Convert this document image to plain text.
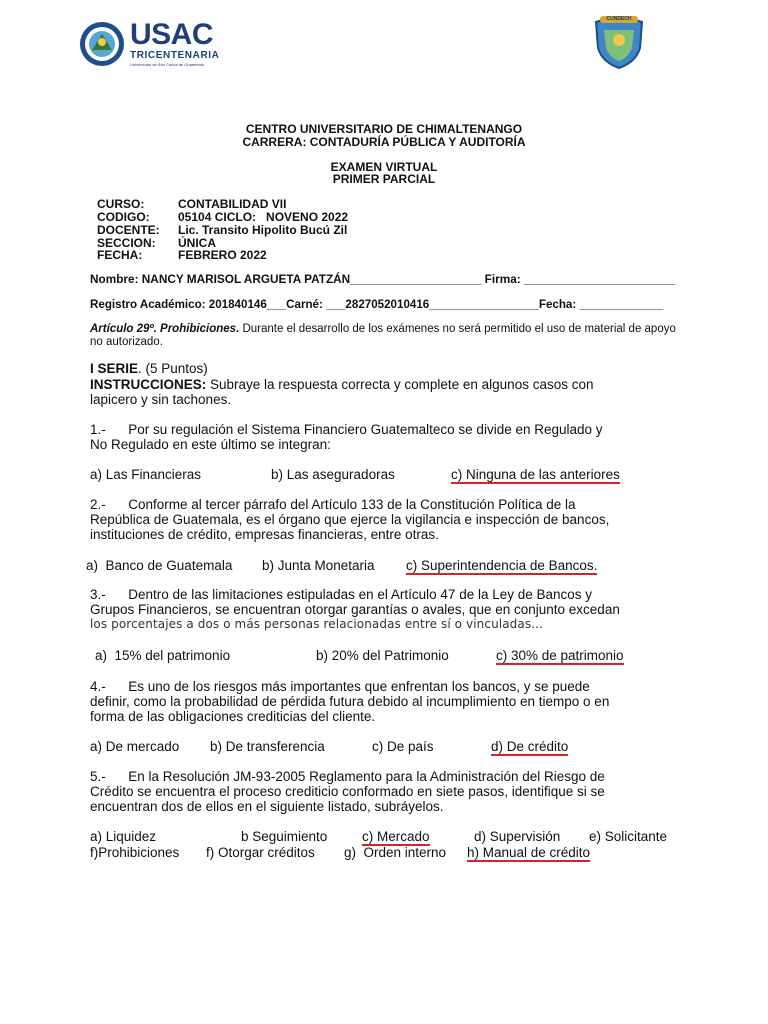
USAC
TRICENTENARIA
Universidad de San Carlos de Guatemala
CUNDECH
CENTRO UNIVERSITARIO DE CHIMALTENANGO
CARRERA: CONTADURÍA PÚBLICA Y AUDITORÍA
EXAMEN VIRTUAL
PRIMER PARCIAL
CURSO:	CONTABILIDAD VII
CODIGO: 05104 CICLO:   NOVENO 2022
DOCENTE: Lic. Transito Hipolito Bucú Zil
SECCION: ÚNICA
FECHA:	FEBRERO 2022
Nombre: NANCY MARISOL ARGUETA PATZÁN____________________ Firma: _______________________
Registro Académico: 201840146___Carné: ___2827052010416_________________Fecha: _____________
Artículo 29º. Prohibiciones. Durante el desarrollo de los exámenes no será permitido el uso de material de apoyo
no autorizado.
I SERIE. (5 Puntos)
INSTRUCCIONES: Subraye la respuesta correcta y complete en algunos casos con
lapicero y sin tachones.
1.-      Por su regulación el Sistema Financiero Guatemalteco se divide en Regulado y
No Regulado en este último se integran:
a) Las Financieras	b) Las aseguradoras	c) Ninguna de las anteriores
2.-      Conforme al tercer párrafo del Artículo 133 de la Constitución Política de la
República de Guatemala, es el órgano que ejerce la vigilancia e inspección de bancos,
instituciones de crédito, empresas financieras, entre otras.
a)  Banco de Guatemala b) Junta Monetaria c) Superintendencia de Bancos.
3.-      Dentro de las limitaciones estipuladas en el Artículo 47 de la Ley de Bancos y
Grupos Financieros, se encuentran otorgar garantías o avales, que en conjunto excedan
los porcentajes a dos o más personas relacionadas entre sí o vinculadas...
a)  15% del patrimonio	b) 20% del Patrimonio	c) 30% de patrimonio
4.-      Es uno de los riesgos más importantes que enfrentan los bancos, y se puede
definir, como la probabilidad de pérdida futura debido al incumplimiento en tiempo o en
forma de las obligaciones crediticias del cliente.
a) De mercado b) De transferencia	c) De país	d) De crédito
5.-      En la Resolución JM-93-2005 Reglamento para la Administración del Riesgo de
Crédito se encuentra el proceso crediticio conformado en siete pasos, identifique si se
encuentran dos de ellos en el siguiente listado, subráyelos.
a) Liquidez	b Seguimiento	c) Mercado	d) Supervisión e) Solicitante
f)Prohibiciones f) Otorgar créditos g)  Orden interno h) Manual de crédito
